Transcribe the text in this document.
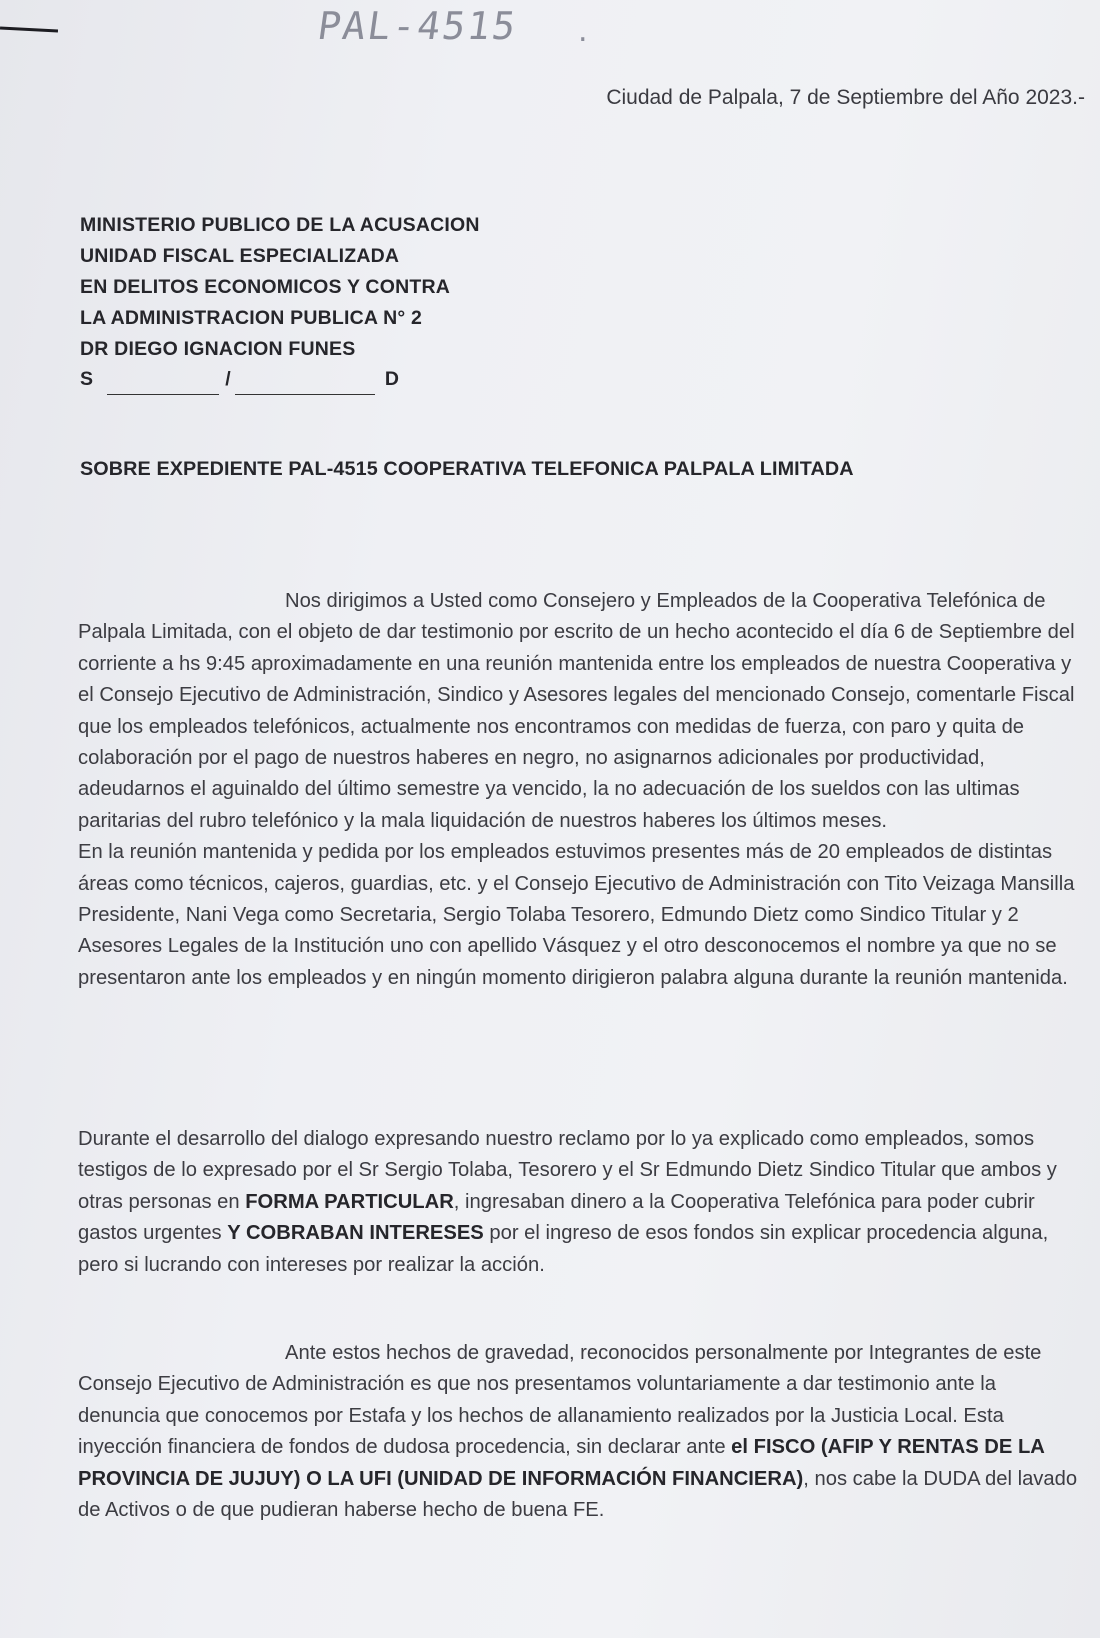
PAL-4515 .
Ciudad de Palpala, 7 de Septiembre del Año 2023.-
MINISTERIO PUBLICO DE LA ACUSACION
UNIDAD FISCAL ESPECIALIZADA
EN DELITOS ECONOMICOS Y CONTRA
LA ADMINISTRACION PUBLICA N° 2
DR DIEGO IGNACION FUNES
S	/	D
SOBRE EXPEDIENTE PAL-4515 COOPERATIVA TELEFONICA PALPALA LIMITADA

Nos dirigimos a Usted como Consejero y Empleados de la Cooperativa Telefónica de Palpala Limitada, con el objeto de dar testimonio por escrito de un hecho acontecido el día 6 de Septiembre del corriente a hs 9:45 aproximadamente en una reunión mantenida entre los empleados de nuestra Cooperativa y el Consejo Ejecutivo de Administración, Sindico y Asesores legales del mencionado Consejo, comentarle Fiscal que los empleados telefónicos, actualmente nos encontramos con medidas de fuerza, con paro y quita de colaboración por el pago de nuestros haberes en negro, no asignarnos adicionales por productividad, adeudarnos el aguinaldo del último semestre ya vencido, la no adecuación de los sueldos con las ultimas paritarias del rubro telefónico y la mala liquidación de nuestros haberes los últimos meses.

En la reunión mantenida y pedida por los empleados estuvimos presentes más de 20 empleados de distintas áreas como técnicos, cajeros, guardias, etc. y el Consejo Ejecutivo de Administración con Tito Veizaga Mansilla Presidente, Nani Vega como Secretaria, Sergio Tolaba Tesorero, Edmundo Dietz como Sindico Titular y 2 Asesores Legales de la Institución uno con apellido Vásquez y el otro desconocemos el nombre ya que no se presentaron ante los empleados y en ningún momento dirigieron palabra alguna durante la reunión mantenida.

Durante el desarrollo del dialogo expresando nuestro reclamo por lo ya explicado como empleados, somos testigos de lo expresado por el Sr Sergio Tolaba, Tesorero y el Sr Edmundo Dietz Sindico Titular que ambos y otras personas en FORMA PARTICULAR, ingresaban dinero a la Cooperativa Telefónica para poder cubrir gastos urgentes Y COBRABAN INTERESES por el ingreso de esos fondos sin explicar procedencia alguna, pero si lucrando con intereses por realizar la acción.

Ante estos hechos de gravedad, reconocidos personalmente por Integrantes de este Consejo Ejecutivo de Administración es que nos presentamos voluntariamente a dar testimonio ante la denuncia que conocemos por Estafa y los hechos de allanamiento realizados por la Justicia Local. Esta inyección financiera de fondos de dudosa procedencia, sin declarar ante el FISCO (AFIP Y RENTAS DE LA PROVINCIA DE JUJUY) O LA UFI (UNIDAD DE INFORMACIÓN FINANCIERA), nos cabe la DUDA del lavado de Activos o de que pudieran haberse hecho de buena FE.
